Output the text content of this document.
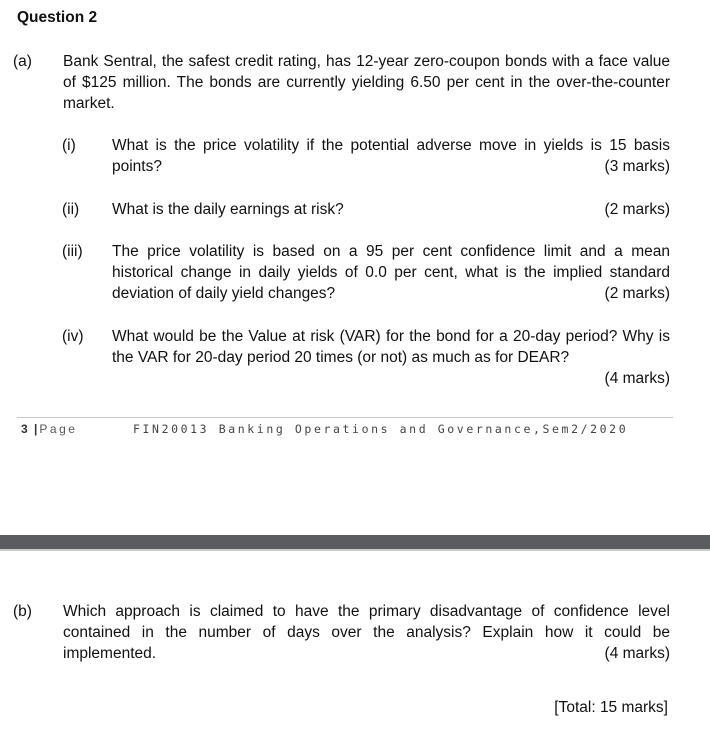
Question 2
(a) Bank Sentral, the safest credit rating, has 12-year zero-coupon bonds with a face value of $125 million. The bonds are currently yielding 6.50 per cent in the over-the-counter market.
(i) What is the price volatility if the potential adverse move in yields is 15 basis points?	(3 marks)
(ii)	(2 marks)
What is the daily earnings at risk?
(iii) The price volatility is based on a 95 per cent confidence limit and a mean historical change in daily yields of 0.0 per cent, what is the implied standard deviation of daily yield changes?	(2 marks)
(iv) What would be the Value at risk (VAR) for the bond for a 20-day period? Why is the VAR for 20-day period 20 times (or not) as much as for DEAR?
(4 marks)
3 |Page	FIN20013 Banking Operations and Governance,Sem2/2020
(b) Which approach is claimed to have the primary disadvantage of confidence level contained in the number of days over the analysis? Explain how it could be implemented.	(4 marks)
[Total: 15 marks]
